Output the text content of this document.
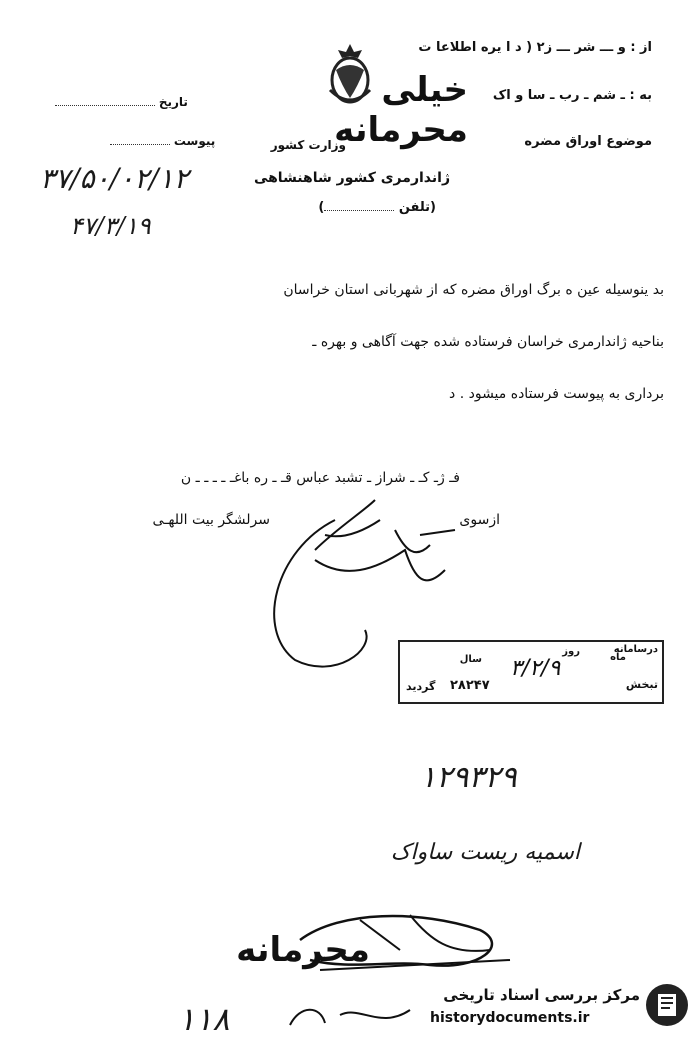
از : و ـــ شر ـــ ز۲ ( د ا یره اطلاعا ت
به : ـ شم ـ رب ـ سا و اک
موضوع اوراق مضره
خیلی محرمانه
وزارت کشور
ژاندارمری کشور شاهنشاهی
(تلفن )
تاریخ
پیوست
۳۷/۵۰/۰۲/۱۲
۴۷/۳/۱۹
بد ینوسیله عین ه برگ اوراق مضره که از شهربانی استان خراسان
بناحیه ژاندارمری خراسان فرستاده شده جهت آگاهی و بهره ـ
برداری به پیوست فرستاده میشود . د
فـ ژـ کـ ـ شراز ـ تشبد عباس قـ ـ ره باغـ ـ ـ ـ ـ ن
سرلشگر بیت اللهـی	ازسوی
درسامانه
ماه
روز
سال ۳/۲/۹
تبخش
۲۸۲۴۷
گردید
۱۲۹۳۲۹
اسمیه ریست ساواک
محرمانه
۱۱۸
مرکز بررسی اسناد تاریخی
historydocuments.ir
